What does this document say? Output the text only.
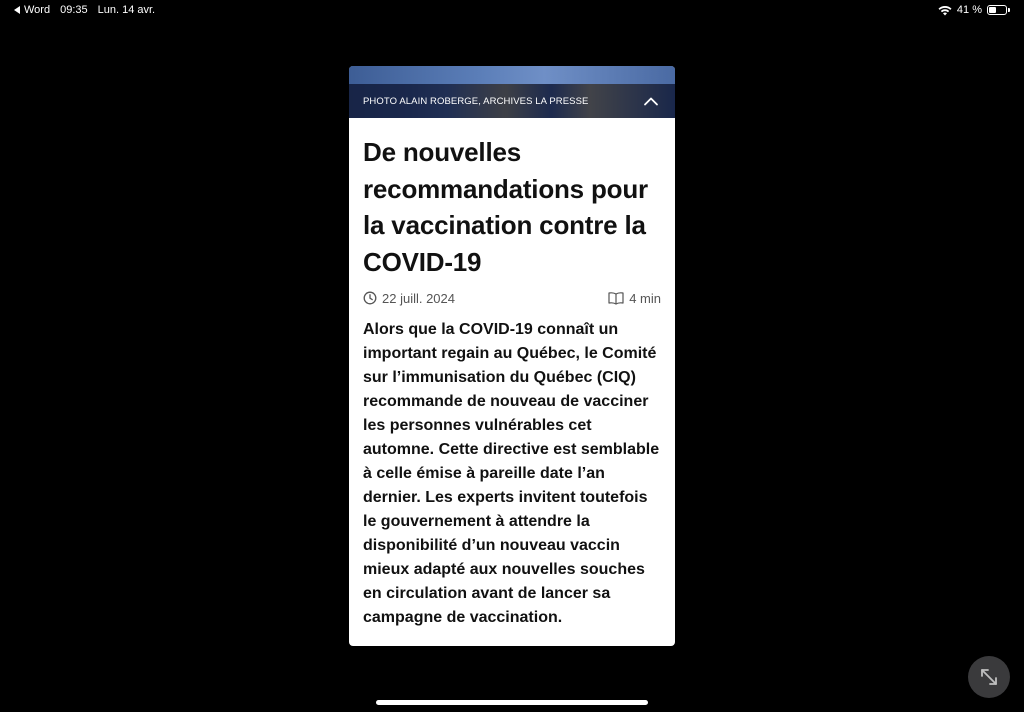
Word 09:35 Lun. 14 avr.	41 %
PHOTO ALAIN ROBERGE, ARCHIVES LA PRESSE
De nouvelles recommandations pour la vaccination contre la COVID-19
22 juill. 2024	4 min

Alors que la COVID-19 connaît un important regain au Québec, le Comité sur l’immunisation du Québec (CIQ) recommande de nouveau de vacciner les personnes vulnérables cet automne. Cette directive est semblable à celle émise à pareille date l’an dernier. Les experts invitent toutefois le gouvernement à attendre la disponibilité d’un nouveau vaccin mieux adapté aux nouvelles souches en circulation avant de lancer sa campagne de vaccination.
